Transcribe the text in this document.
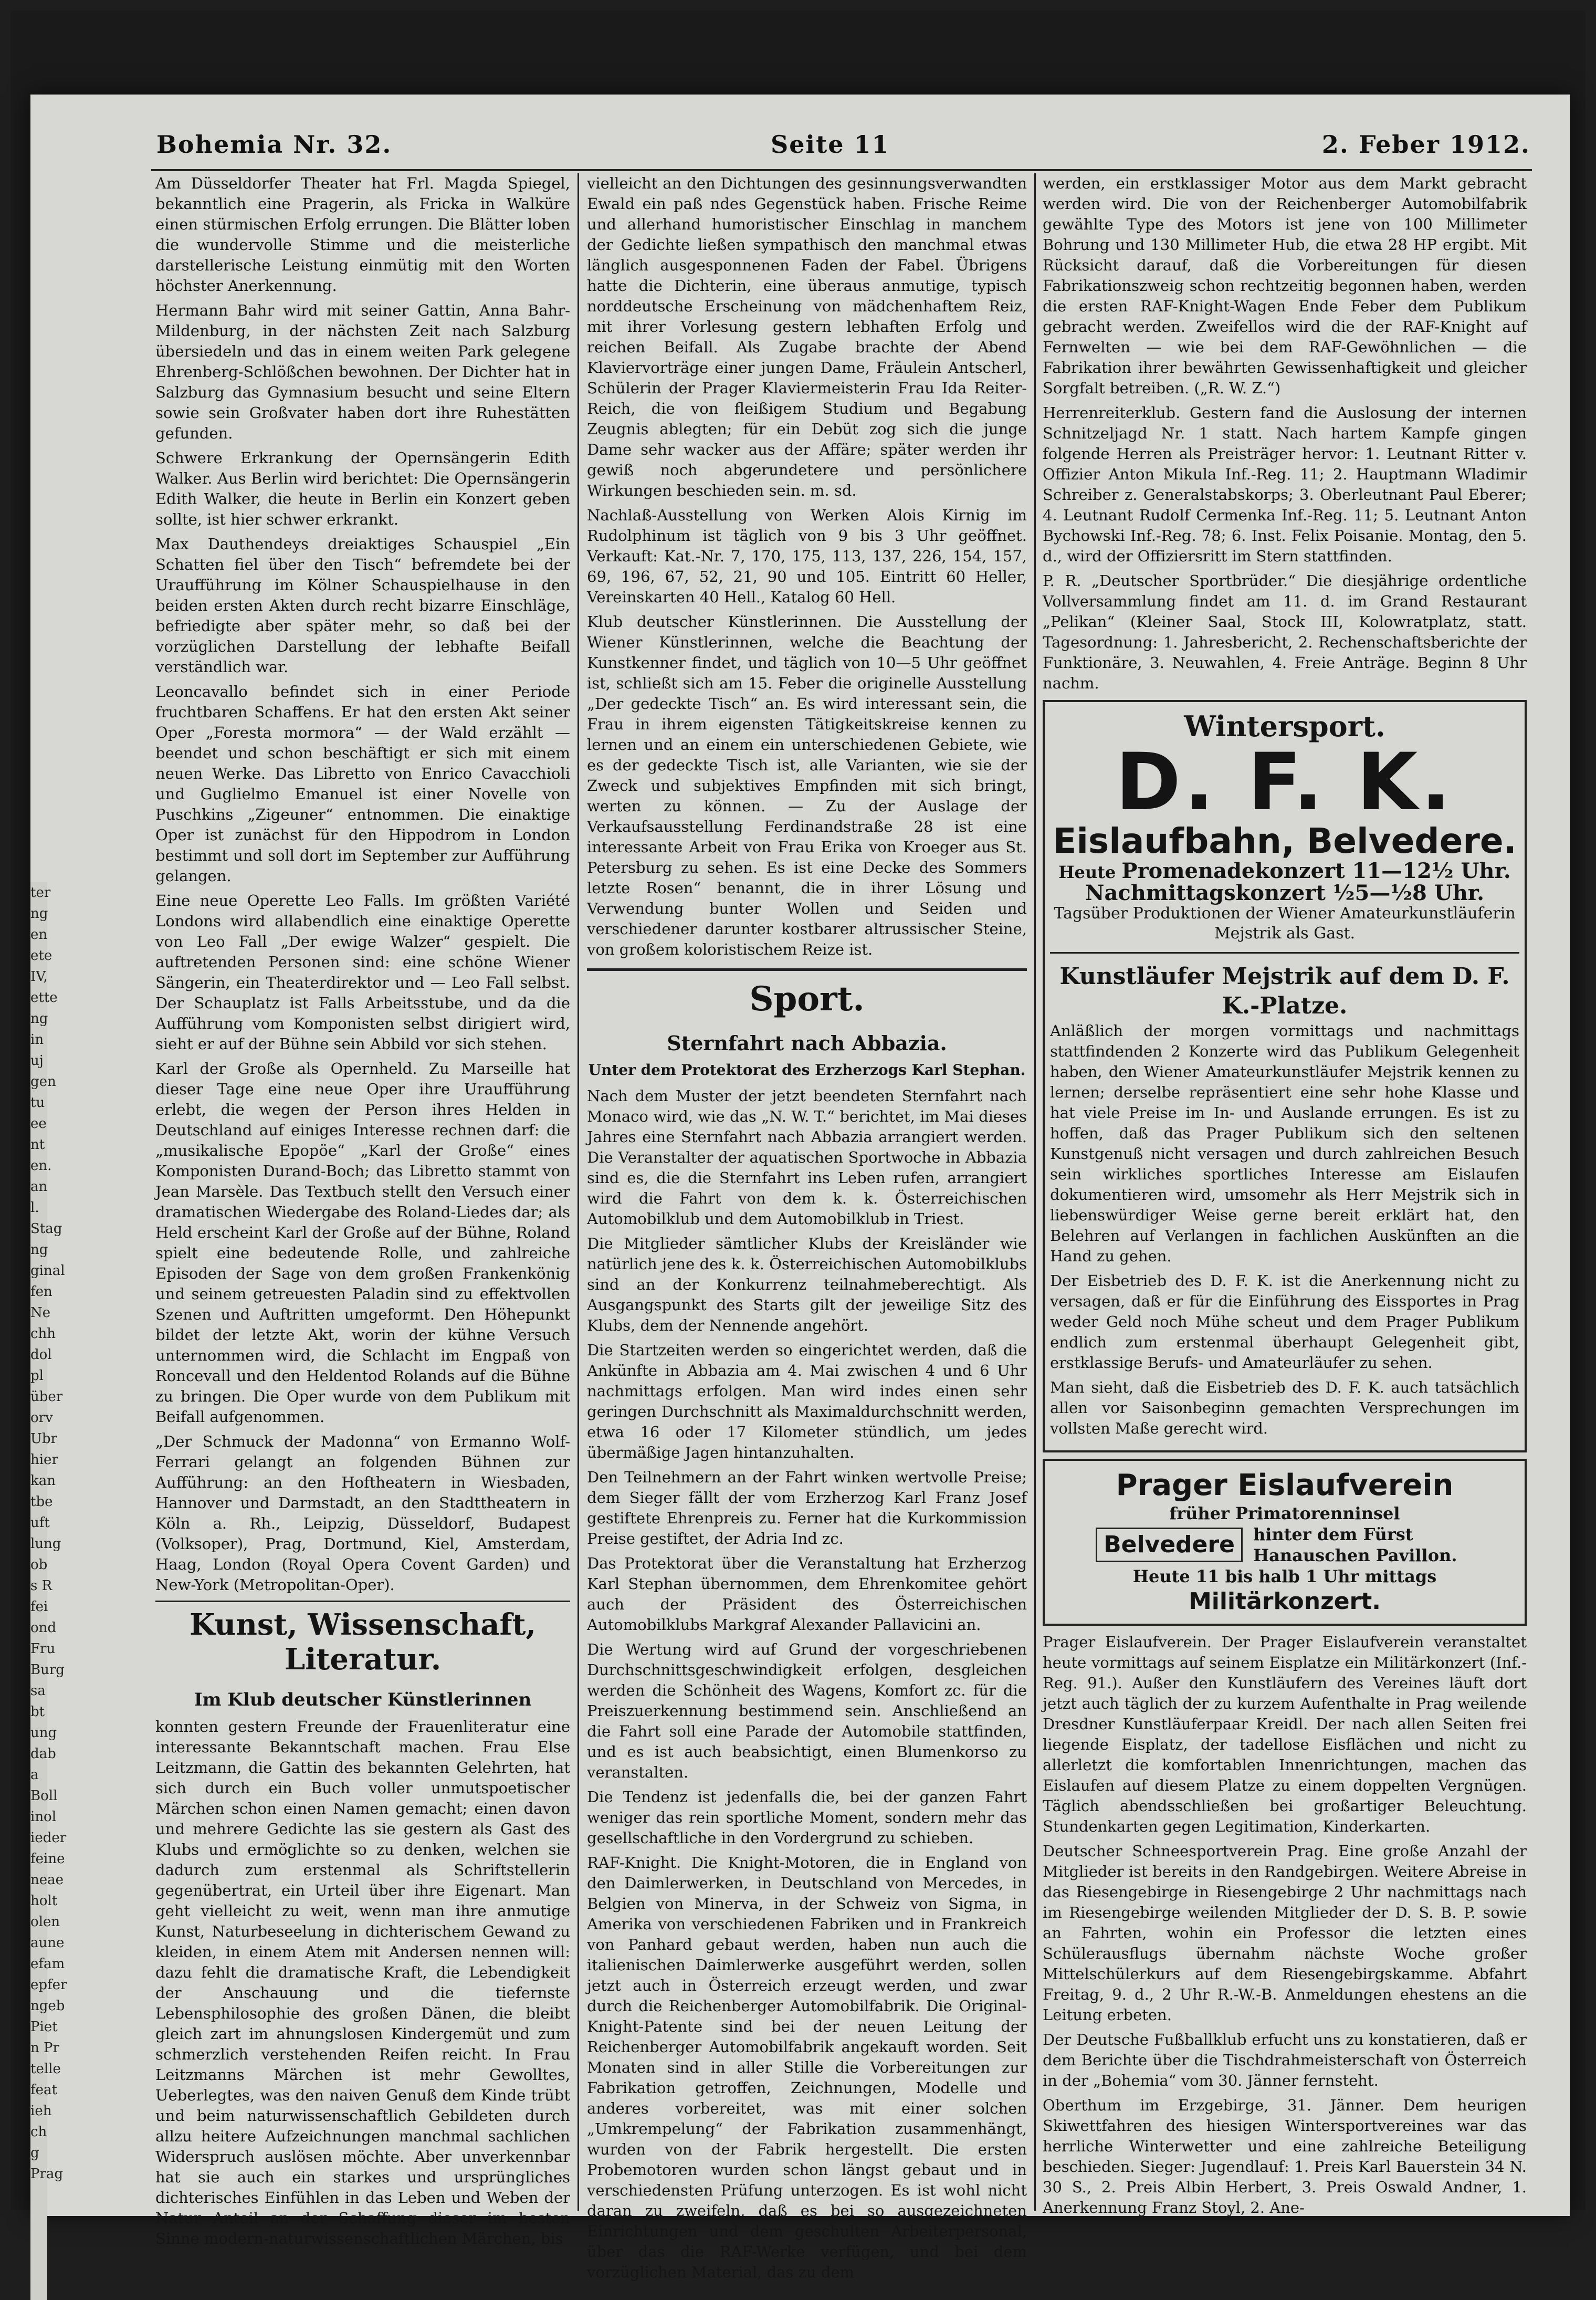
Bohemia Nr. 32.	Seite 11	2. Feber 1912.
ter
ng
en
ete
IV,
ette
ng
in
uj
gen
tu
ee
nt
en.
an
l.
Stag
ng
ginal
fen
Ne
chh
dol
pl
über
orv
Ubr
hier
kan
tbe
uft
lung
ob
s R
fei
ond
Fru
Burg
sa
bt
ung
dab
a
Boll
inol
ieder
feine
neae
holt
olen
aune
efam
epfer
ngeb
Piet
n Pr
telle
feat
ieh
ch
g
Prag

Am Düsseldorfer Theater hat Frl. Magda Spiegel, bekanntlich eine Pragerin, als Fricka in Walküre einen stürmischen Erfolg errungen. Die Blätter loben die wundervolle Stimme und die meisterliche darstellerische Leistung einmütig mit den Worten höchster Anerkennung.

Hermann Bahr wird mit seiner Gattin, Anna Bahr-Mildenburg, in der nächsten Zeit nach Salzburg übersiedeln und das in einem weiten Park gelegene Ehrenberg-Schlößchen bewohnen. Der Dichter hat in Salzburg das Gymnasium besucht und seine Eltern sowie sein Großvater haben dort ihre Ruhestätten gefunden.

Schwere Erkrankung der Opernsängerin Edith Walker. Aus Berlin wird berichtet: Die Opernsängerin Edith Walker, die heute in Berlin ein Konzert geben sollte, ist hier schwer erkrankt.

Max Dauthendeys dreiaktiges Schauspiel „Ein Schatten fiel über den Tisch“ befremdete bei der Uraufführung im Kölner Schauspielhause in den beiden ersten Akten durch recht bizarre Einschläge, befriedigte aber später mehr, so daß bei der vorzüglichen Darstellung der lebhafte Beifall verständlich war.

Leoncavallo befindet sich in einer Periode fruchtbaren Schaffens. Er hat den ersten Akt seiner Oper „Foresta mormora“ — der Wald erzählt — beendet und schon beschäftigt er sich mit einem neuen Werke. Das Libretto von Enrico Cavacchioli und Guglielmo Emanuel ist einer Novelle von Puschkins „Zigeuner“ entnommen. Die einaktige Oper ist zunächst für den Hippodrom in London bestimmt und soll dort im September zur Aufführung gelangen.

Eine neue Operette Leo Falls. Im größten Variété Londons wird allabendlich eine einaktige Operette von Leo Fall „Der ewige Walzer“ gespielt. Die auftretenden Personen sind: eine schöne Wiener Sängerin, ein Theaterdirektor und — Leo Fall selbst. Der Schauplatz ist Falls Arbeitsstube, und da die Aufführung vom Komponisten selbst dirigiert wird, sieht er auf der Bühne sein Abbild vor sich stehen.

Karl der Große als Opernheld. Zu Marseille hat dieser Tage eine neue Oper ihre Uraufführung erlebt, die wegen der Person ihres Helden in Deutschland auf einiges Interesse rechnen darf: die „musikalische Epopöe“ „Karl der Große“ eines Komponisten Durand-Boch; das Libretto stammt von Jean Marsèle. Das Textbuch stellt den Versuch einer dramatischen Wiedergabe des Roland-Liedes dar; als Held erscheint Karl der Große auf der Bühne, Roland spielt eine bedeutende Rolle, und zahlreiche Episoden der Sage von dem großen Frankenkönig und seinem getreuesten Paladin sind zu effektvollen Szenen und Auftritten umgeformt. Den Höhepunkt bildet der letzte Akt, worin der kühne Versuch unternommen wird, die Schlacht im Engpaß von Roncevall und den Heldentod Rolands auf die Bühne zu bringen. Die Oper wurde von dem Publikum mit Beifall aufgenommen.

„Der Schmuck der Madonna“ von Ermanno Wolf-Ferrari gelangt an folgenden Bühnen zur Aufführung: an den Hoftheatern in Wiesbaden, Hannover und Darmstadt, an den Stadttheatern in Köln a. Rh., Leipzig, Düsseldorf, Budapest (Volksoper), Prag, Dortmund, Kiel, Amsterdam, Haag, London (Royal Opera Covent Garden) und New-York (Metropolitan-Oper).

Kunst, Wissenschaft, Literatur.
Im Klub deutscher Künstlerinnen

konnten gestern Freunde der Frauenliteratur eine interessante Bekanntschaft machen. Frau Else Leitzmann, die Gattin des bekannten Gelehrten, hat sich durch ein Buch voller unmutspoetischer Märchen schon einen Namen gemacht; einen davon und mehrere Gedichte las sie gestern als Gast des Klubs und ermöglichte so zu denken, welchen sie dadurch zum erstenmal als Schriftstellerin gegenübertrat, ein Urteil über ihre Eigenart. Man geht vielleicht zu weit, wenn man ihre anmutige Kunst, Naturbeseelung in dichterischem Gewand zu kleiden, in einem Atem mit Andersen nennen will: dazu fehlt die dramatische Kraft, die Lebendigkeit der Anschauung und die tiefernste Lebensphilosophie des großen Dänen, die bleibt gleich zart im ahnungslosen Kindergemüt und zum schmerzlich verstehenden Reifen reicht. In Frau Leitzmanns Märchen ist mehr Gewolltes, Ueberlegtes, was den naiven Genuß dem Kinde trübt und beim naturwissenschaftlich Gebildeten durch allzu heitere Aufzeichnungen manchmal sachlichen Widerspruch auslösen möchte. Aber unverkennbar hat sie auch ein starkes und ursprüngliches dichterisches Einfühlen in das Leben und Weben der Natur Anteil an der Schaffung dieser im besten Sinne modern-naturwissenschaftlichen Märchen, bis

vielleicht an den Dichtungen des gesinnungsverwandten Ewald ein paß ndes Gegenstück haben. Frische Reime und allerhand humoristischer Einschlag in manchem der Gedichte ließen sympathisch den manchmal etwas länglich ausgesponnenen Faden der Fabel. Übrigens hatte die Dichterin, eine überaus anmutige, typisch norddeutsche Erscheinung von mädchenhaftem Reiz, mit ihrer Vorlesung gestern lebhaften Erfolg und reichen Beifall. Als Zugabe brachte der Abend Klaviervorträge einer jungen Dame, Fräulein Antscherl, Schülerin der Prager Klaviermeisterin Frau Ida Reiter-Reich, die von fleißigem Studium und Begabung Zeugnis ablegten; für ein Debüt zog sich die junge Dame sehr wacker aus der Affäre; später werden ihr gewiß noch abgerundetere und persönlichere Wirkungen beschieden sein. m. sd.

Nachlaß-Ausstellung von Werken Alois Kirnig im Rudolphinum ist täglich von 9 bis 3 Uhr geöffnet. Verkauft: Kat.-Nr. 7, 170, 175, 113, 137, 226, 154, 157, 69, 196, 67, 52, 21, 90 und 105. Eintritt 60 Heller, Vereinskarten 40 Hell., Katalog 60 Hell.

Klub deutscher Künstlerinnen. Die Ausstellung der Wiener Künstlerinnen, welche die Beachtung der Kunstkenner findet, und täglich von 10—5 Uhr geöffnet ist, schließt sich am 15. Feber die originelle Ausstellung „Der gedeckte Tisch“ an. Es wird interessant sein, die Frau in ihrem eigensten Tätigkeitskreise kennen zu lernen und an einem ein unterschiedenen Gebiete, wie es der gedeckte Tisch ist, alle Varianten, wie sie der Zweck und subjektives Empfinden mit sich bringt, werten zu können. — Zu der Auslage der Verkaufsausstellung Ferdinandstraße 28 ist eine interessante Arbeit von Frau Erika von Kroeger aus St. Petersburg zu sehen. Es ist eine Decke des Sommers letzte Rosen“ benannt, die in ihrer Lösung und Verwendung bunter Wollen und Seiden und verschiedener darunter kostbarer altrussischer Steine, von großem koloristischem Reize ist.

Sport.
Sternfahrt nach Abbazia.
Unter dem Protektorat des Erzherzogs Karl Stephan.

Nach dem Muster der jetzt beendeten Sternfahrt nach Monaco wird, wie das „N. W. T.“ berichtet, im Mai dieses Jahres eine Sternfahrt nach Abbazia arrangiert werden. Die Veranstalter der aquatischen Sportwoche in Abbazia sind es, die die Sternfahrt ins Leben rufen, arrangiert wird die Fahrt von dem k. k. Österreichischen Automobilklub und dem Automobilklub in Triest.

Die Mitglieder sämtlicher Klubs der Kreisländer wie natürlich jene des k. k. Österreichischen Automobilklubs sind an der Konkurrenz teilnahmeberechtigt. Als Ausgangspunkt des Starts gilt der jeweilige Sitz des Klubs, dem der Nennende angehört.

Die Startzeiten werden so eingerichtet werden, daß die Ankünfte in Abbazia am 4. Mai zwischen 4 und 6 Uhr nachmittags erfolgen. Man wird indes einen sehr geringen Durchschnitt als Maximaldurchschnitt werden, etwa 16 oder 17 Kilometer stündlich, um jedes übermäßige Jagen hintanzuhalten.

Den Teilnehmern an der Fahrt winken wertvolle Preise; dem Sieger fällt der vom Erzherzog Karl Franz Josef gestiftete Ehrenpreis zu. Ferner hat die Kurkommission Preise gestiftet, der Adria Ind zc.

Das Protektorat über die Veranstaltung hat Erzherzog Karl Stephan übernommen, dem Ehrenkomitee gehört auch der Präsident des Österreichischen Automobilklubs Markgraf Alexander Pallavicini an.

Die Wertung wird auf Grund der vorgeschriebenen Durchschnittsgeschwindigkeit erfolgen, desgleichen werden die Schönheit des Wagens, Komfort zc. für die Preiszuerkennung bestimmend sein. Anschließend an die Fahrt soll eine Parade der Automobile stattfinden, und es ist auch beabsichtigt, einen Blumenkorso zu veranstalten.

Die Tendenz ist jedenfalls die, bei der ganzen Fahrt weniger das rein sportliche Moment, sondern mehr das gesellschaftliche in den Vordergrund zu schieben.

RAF-Knight. Die Knight-Motoren, die in England von den Daimlerwerken, in Deutschland von Mercedes, in Belgien von Minerva, in der Schweiz von Sigma, in Amerika von verschiedenen Fabriken und in Frankreich von Panhard gebaut werden, haben nun auch die italienischen Daimlerwerke ausgeführt werden, sollen jetzt auch in Österreich erzeugt werden, und zwar durch die Reichenberger Automobilfabrik. Die Original-Knight-Patente sind bei der neuen Leitung der Reichenberger Automobilfabrik angekauft worden. Seit Monaten sind in aller Stille die Vorbereitungen zur Fabrikation getroffen, Zeichnungen, Modelle und anderes vorbereitet, was mit einer solchen „Umkrempelung“ der Fabrikation zusammenhängt, wurden von der Fabrik hergestellt. Die ersten Probemotoren wurden schon längst gebaut und in verschiedensten Prüfung unterzogen. Es ist wohl nicht daran zu zweifeln, daß es bei so ausgezeichneten Einrichtungen und dem geschulten Arbeiterpersonal, über das die RAF-Werke verfügen, und bei dem vorzüglichen Material, das zu dem

werden, ein erstklassiger Motor aus dem Markt gebracht werden wird. Die von der Reichenberger Automobilfabrik gewählte Type des Motors ist jene von 100 Millimeter Bohrung und 130 Millimeter Hub, die etwa 28 HP ergibt. Mit Rücksicht darauf, daß die Vorbereitungen für diesen Fabrikationszweig schon rechtzeitig begonnen haben, werden die ersten RAF-Knight-Wagen Ende Feber dem Publikum gebracht werden. Zweifellos wird die der RAF-Knight auf Fernwelten — wie bei dem RAF-Gewöhnlichen — die Fabrikation ihrer bewährten Gewissenhaftigkeit und gleicher Sorgfalt betreiben. („R. W. Z.“)

Herrenreiterklub. Gestern fand die Auslosung der internen Schnitzeljagd Nr. 1 statt. Nach hartem Kampfe gingen folgende Herren als Preisträger hervor: 1. Leutnant Ritter v. Offizier Anton Mikula Inf.-Reg. 11; 2. Hauptmann Wladimir Schreiber z. Generalstabskorps; 3. Oberleutnant Paul Eberer; 4. Leutnant Rudolf Cermenka Inf.-Reg. 11; 5. Leutnant Anton Bychowski Inf.-Reg. 78; 6. Inst. Felix Poisanie. Montag, den 5. d., wird der Offiziersritt im Stern stattfinden.

P. R. „Deutscher Sportbrüder.“ Die diesjährige ordentliche Vollversammlung findet am 11. d. im Grand Restaurant „Pelikan“ (Kleiner Saal, Stock III, Kolowratplatz, statt. Tagesordnung: 1. Jahresbericht, 2. Rechenschaftsberichte der Funktionäre, 3. Neuwahlen, 4. Freie Anträge. Beginn 8 Uhr nachm.

Wintersport.
D. F. K.
Eislaufbahn, Belvedere.
Heute Promenadekonzert 11—12½ Uhr.
Nachmittagskonzert ½5—½8 Uhr.
Tagsüber Produktionen der Wiener Amateurkunstläuferin Mejstrik als Gast.
Kunstläufer Mejstrik auf dem D. F. K.-Platze.

Anläßlich der morgen vormittags und nachmittags stattfindenden 2 Konzerte wird das Publikum Gelegenheit haben, den Wiener Amateurkunstläufer Mejstrik kennen zu lernen; derselbe repräsentiert eine sehr hohe Klasse und hat viele Preise im In- und Auslande errungen. Es ist zu hoffen, daß das Prager Publikum sich den seltenen Kunstgenuß nicht versagen und durch zahlreichen Besuch sein wirkliches sportliches Interesse am Eislaufen dokumentieren wird, umsomehr als Herr Mejstrik sich in liebenswürdiger Weise gerne bereit erklärt hat, den Belehren auf Verlangen in fachlichen Auskünften an die Hand zu gehen.

Der Eisbetrieb des D. F. K. ist die Anerkennung nicht zu versagen, daß er für die Einführung des Eissportes in Prag weder Geld noch Mühe scheut und dem Prager Publikum endlich zum erstenmal überhaupt Gelegenheit gibt, erstklassige Berufs- und Amateurläufer zu sehen.

Man sieht, daß die Eisbetrieb des D. F. K. auch tatsächlich allen vor Saisonbeginn gemachten Versprechungen im vollsten Maße gerecht wird.

Prager Eislaufverein
früher Primatorenninsel
Belvedere	hinter dem Fürst Hanauschen Pavillon.
Heute 11 bis halb 1 Uhr mittags
Militärkonzert.

Prager Eislaufverein. Der Prager Eislaufverein veranstaltet heute vormittags auf seinem Eisplatze ein Militärkonzert (Inf.-Reg. 91.). Außer den Kunstläufern des Vereines läuft dort jetzt auch täglich der zu kurzem Aufenthalte in Prag weilende Dresdner Kunstläuferpaar Kreidl. Der nach allen Seiten frei liegende Eisplatz, der tadellose Eisflächen und nicht zu allerletzt die komfortablen Innenrichtungen, machen das Eislaufen auf diesem Platze zu einem doppelten Vergnügen. Täglich abendsschließen bei großartiger Beleuchtung. Stundenkarten gegen Legitimation, Kinderkarten.

Deutscher Schneesportverein Prag. Eine große Anzahl der Mitglieder ist bereits in den Randgebirgen. Weitere Abreise in das Riesengebirge in Riesengebirge 2 Uhr nachmittags nach im Riesengebirge weilenden Mitglieder der D. S. B. P. sowie an Fahrten, wohin ein Professor die letzten eines Schülerausflugs übernahm nächste Woche großer Mittelschülerkurs auf dem Riesengebirgskamme. Abfahrt Freitag, 9. d., 2 Uhr R.-W.-B. Anmeldungen ehestens an die Leitung erbeten.

Der Deutsche Fußballklub erfucht uns zu konstatieren, daß er dem Berichte über die Tischdrahmeisterschaft von Österreich in der „Bohemia“ vom 30. Jänner fernsteht.

Oberthum im Erzgebirge, 31. Jänner. Dem heurigen Skiwettfahren des hiesigen Wintersportvereines war das herrliche Winterwetter und eine zahlreiche Beteiligung beschieden. Sieger: Jugendlauf: 1. Preis Karl Bauerstein 34 N. 30 S., 2. Preis Albin Herbert, 3. Preis Oswald Andner, 1. Anerkennung Franz Stoyl, 2. Ane-
